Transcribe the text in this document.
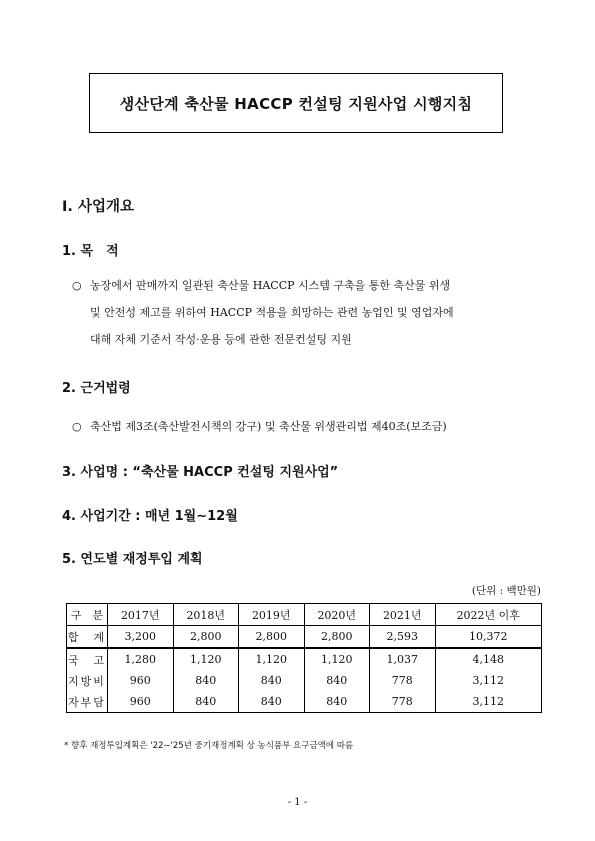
생산단계 축산물 HACCP 컨설팅 지원사업 시행지침
Ⅰ. 사업개요
1. 목　적
○ 농장에서 판매까지 일관된 축산물 HACCP 시스템 구축을 통한 축산물 위생
및 안전성 제고를 위하여 HACCP 적용을 희망하는 관련 농업인 및 영업자에
대해 자체 기준서 작성·운용 등에 관한 전문컨설팅 지원
2. 근거법령
○ 축산법 제3조(축산발전시책의 강구) 및 축산물 위생관리법 제40조(보조금)
3. 사업명 : “축산물 HACCP 컨설팅 지원사업”
4. 사업기간 : 매년 1월∼12월
5. 연도별 재정투입 계획
(단위 : 백만원)
구　분	2017년	2018년	2019년	2020년	2021년	2022년 이후
합　계	3,200	2,800	2,800	2,800	2,593	10,372
국　고	1,280	1,120	1,120	1,120	1,037	4,148
지방비	960	840	840	840	778	3,112
자부담	960	840	840	840	778	3,112
* 향후 재정투입계획은 '22∼'25년 중기재정계획 상 농식품부 요구금액에 따름
- 1 -
